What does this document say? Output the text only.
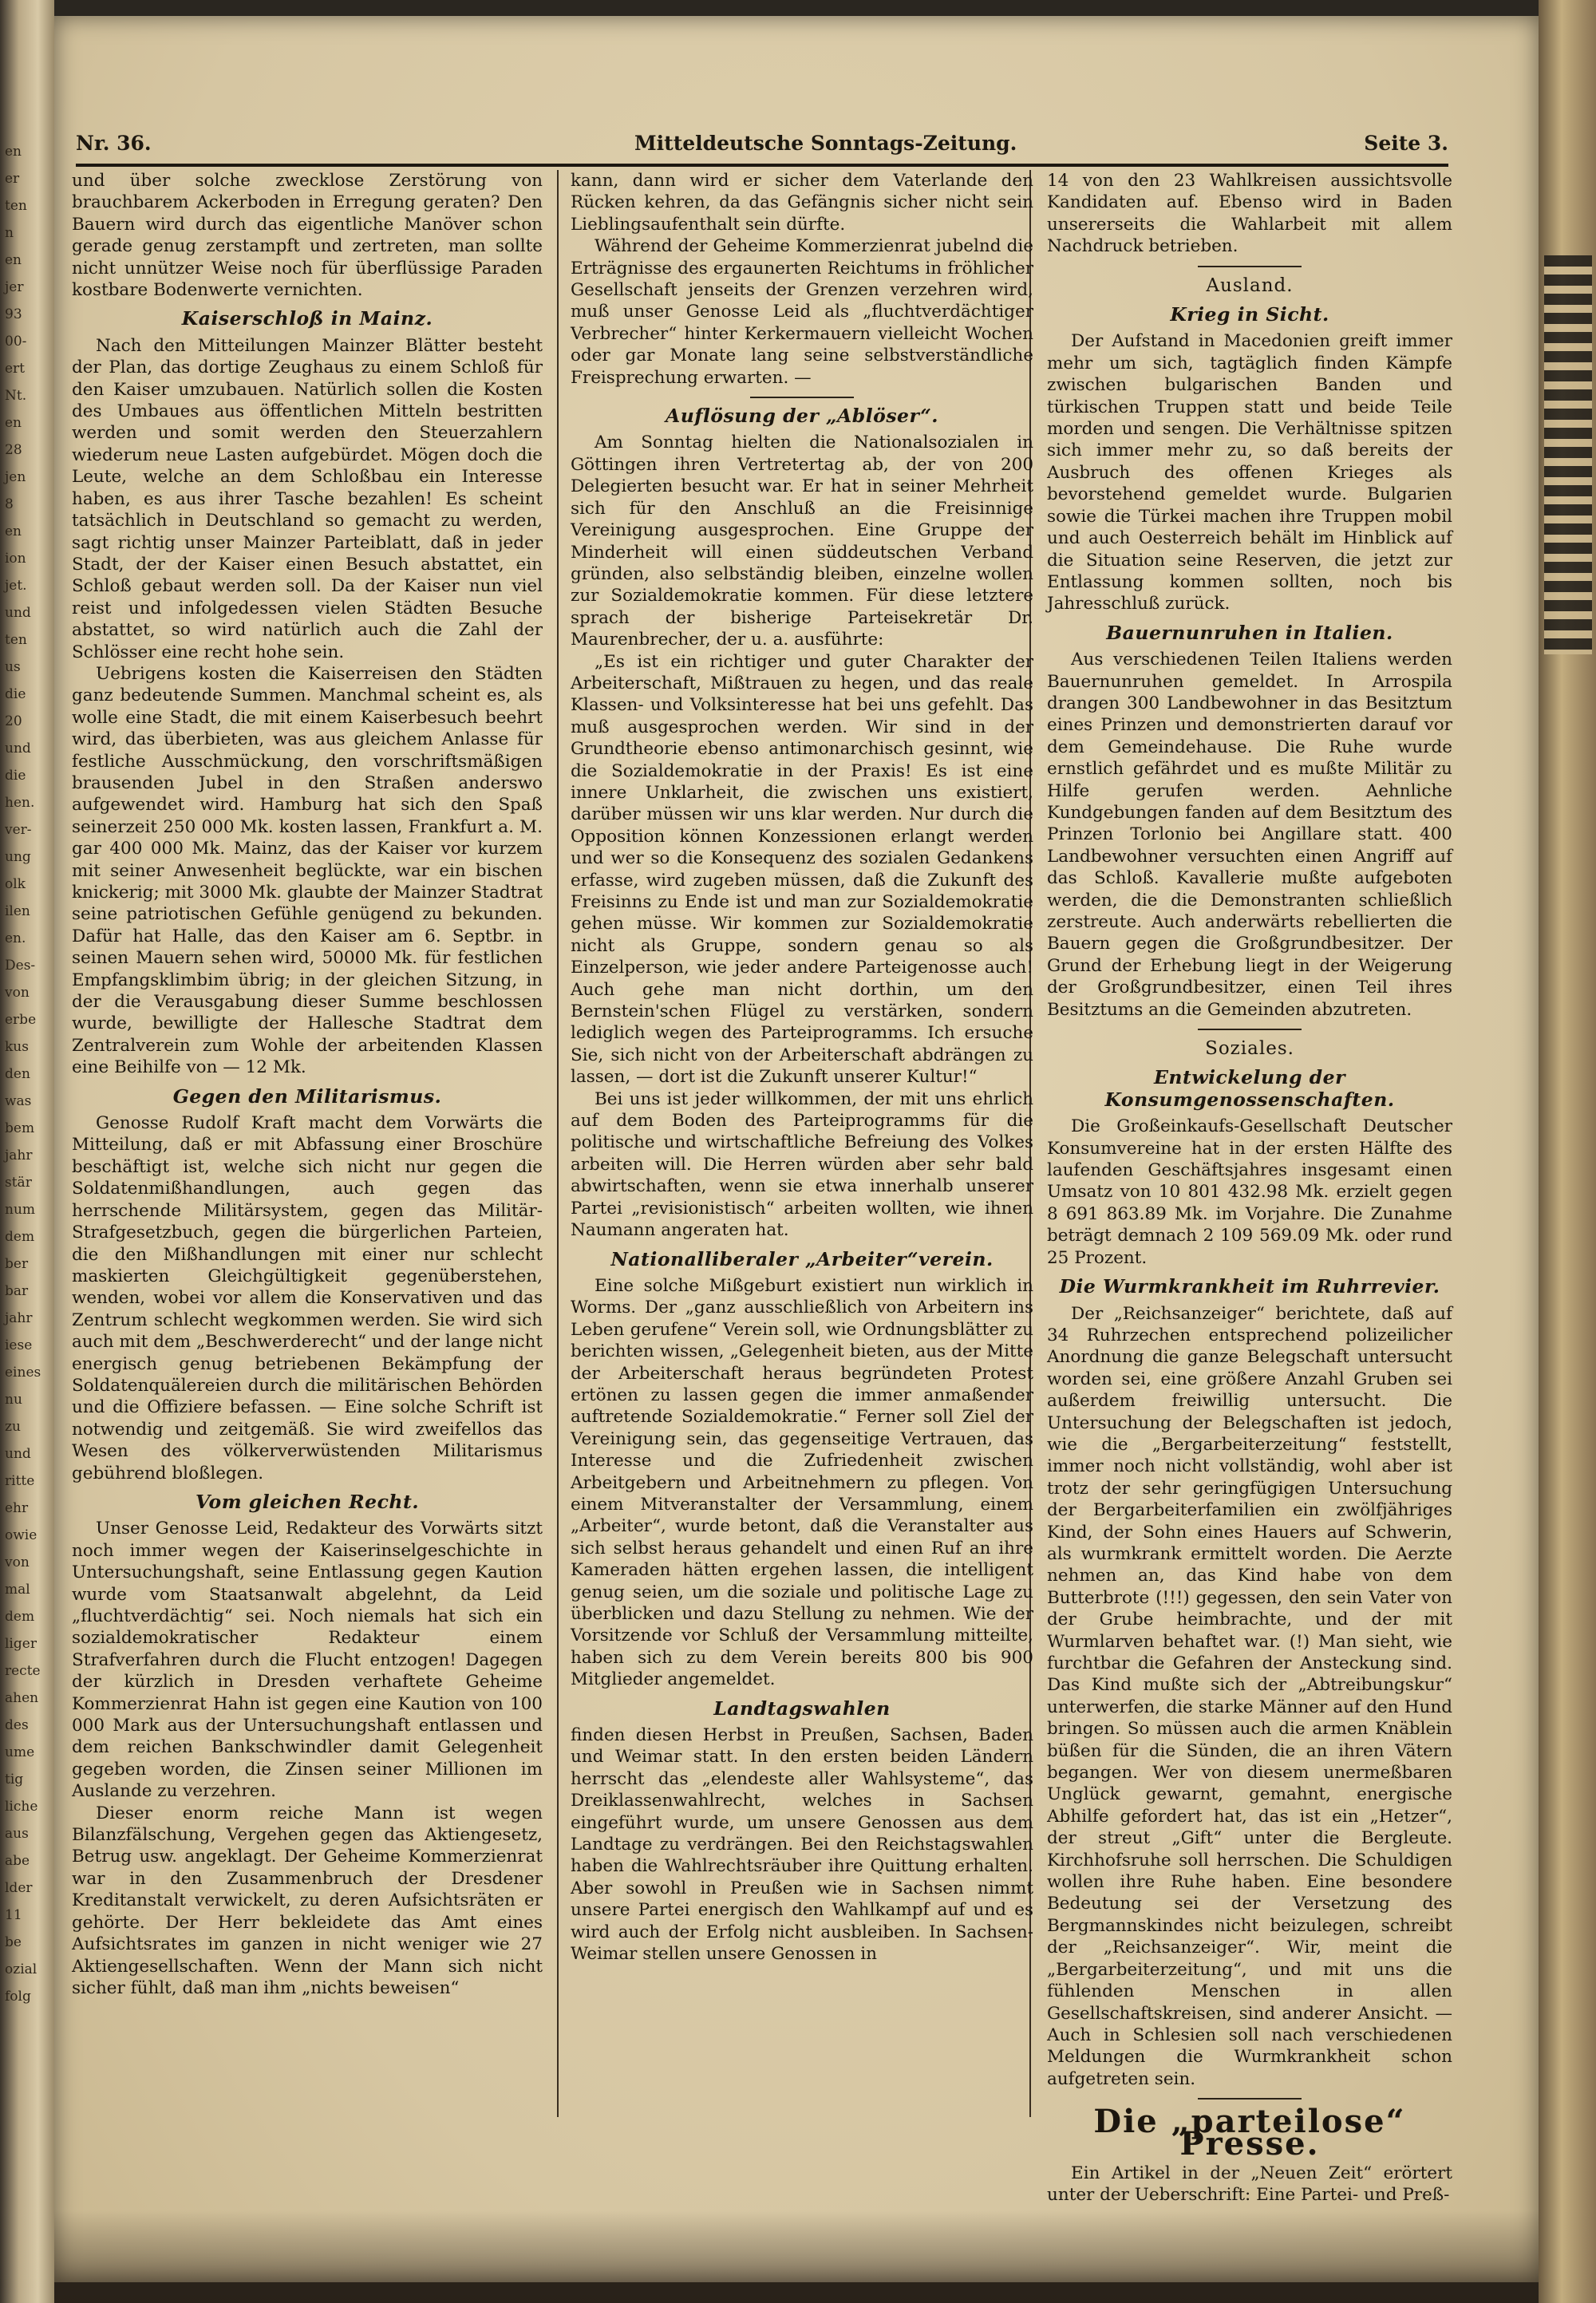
en
er
ten
n
en
jer
93
00-
ert
Nt.
en
28
jen
8
en
ion
jet.
und
ten
us
die
20
und
die
hen.
ver-
ung
olk
ilen
en.
Des-
von
erbe
kus
den
was
bem
jahr
stär
num
dem
ber
bar
jahr
iese
eines
nu
zu
und
ritte
ehr
owie
von
mal
dem
liger
recte
ahen
des
ume
tig
liche
aus
abe
lder
11
be
ozial
folg
Nr. 36.	Mitteldeutsche Sonntags-Zeitung.	Seite 3.

und über solche zwecklose Zerstörung von brauchbarem Ackerboden in Erregung geraten? Den Bauern wird durch das eigentliche Manöver schon gerade genug zerstampft und zertreten, man sollte nicht unnützer Weise noch für überflüssige Paraden kostbare Bodenwerte vernichten.

Kaiserschloß in Mainz.

Nach den Mitteilungen Mainzer Blätter besteht der Plan, das dortige Zeughaus zu einem Schloß für den Kaiser umzubauen. Natürlich sollen die Kosten des Umbaues aus öffentlichen Mitteln bestritten werden und somit werden den Steuerzahlern wiederum neue Lasten aufgebürdet. Mögen doch die Leute, welche an dem Schloßbau ein Interesse haben, es aus ihrer Tasche bezahlen! Es scheint tatsächlich in Deutschland so gemacht zu werden, sagt richtig unser Mainzer Parteiblatt, daß in jeder Stadt, der der Kaiser einen Besuch abstattet, ein Schloß gebaut werden soll. Da der Kaiser nun viel reist und infolgedessen vielen Städten Besuche abstattet, so wird natürlich auch die Zahl der Schlösser eine recht hohe sein.

Uebrigens kosten die Kaiserreisen den Städten ganz bedeutende Summen. Manchmal scheint es, als wolle eine Stadt, die mit einem Kaiserbesuch beehrt wird, das überbieten, was aus gleichem Anlasse für festliche Ausschmückung, den vorschriftsmäßigen brausenden Jubel in den Straßen anderswo aufgewendet wird. Hamburg hat sich den Spaß seinerzeit 250 000 Mk. kosten lassen, Frankfurt a. M. gar 400 000 Mk. Mainz, das der Kaiser vor kurzem mit seiner Anwesenheit beglückte, war ein bischen knickerig; mit 3000 Mk. glaubte der Mainzer Stadtrat seine patriotischen Gefühle genügend zu bekunden. Dafür hat Halle, das den Kaiser am 6. Septbr. in seinen Mauern sehen wird, 50000 Mk. für festlichen Empfangsklimbim übrig; in der gleichen Sitzung, in der die Verausgabung dieser Summe beschlossen wurde, bewilligte der Hallesche Stadtrat dem Zentralverein zum Wohle der arbeitenden Klassen eine Beihilfe von — 12 Mk.

Gegen den Militarismus.

Genosse Rudolf Kraft macht dem Vorwärts die Mitteilung, daß er mit Abfassung einer Broschüre beschäftigt ist, welche sich nicht nur gegen die Soldatenmißhandlungen, auch gegen das herrschende Militärsystem, gegen das Militär-Strafgesetzbuch, gegen die bürgerlichen Parteien, die den Mißhandlungen mit einer nur schlecht maskierten Gleichgültigkeit gegenüberstehen, wenden, wobei vor allem die Konservativen und das Zentrum schlecht wegkommen werden. Sie wird sich auch mit dem „Beschwerderecht“ und der lange nicht energisch genug betriebenen Bekämpfung der Soldatenquälereien durch die militärischen Behörden und die Offiziere befassen. — Eine solche Schrift ist notwendig und zeitgemäß. Sie wird zweifellos das Wesen des völkerverwüstenden Militarismus gebührend bloßlegen.

Vom gleichen Recht.

Unser Genosse Leid, Redakteur des Vorwärts sitzt noch immer wegen der Kaiserinselgeschichte in Untersuchungshaft, seine Entlassung gegen Kaution wurde vom Staatsanwalt abgelehnt, da Leid „fluchtverdächtig“ sei. Noch niemals hat sich ein sozialdemokratischer Redakteur einem Strafverfahren durch die Flucht entzogen! Dagegen der kürzlich in Dresden verhaftete Geheime Kommerzienrat Hahn ist gegen eine Kaution von 100 000 Mark aus der Untersuchungshaft entlassen und dem reichen Bankschwindler damit Gelegenheit gegeben worden, die Zinsen seiner Millionen im Auslande zu verzehren.

Dieser enorm reiche Mann ist wegen Bilanzfälschung, Vergehen gegen das Aktiengesetz, Betrug usw. angeklagt. Der Geheime Kommerzienrat war in den Zusammenbruch der Dresdener Kreditanstalt verwickelt, zu deren Aufsichtsräten er gehörte. Der Herr bekleidete das Amt eines Aufsichtsrates im ganzen in nicht weniger wie 27 Aktiengesellschaften. Wenn der Mann sich nicht sicher fühlt, daß man ihm „nichts beweisen“

kann, dann wird er sicher dem Vaterlande den Rücken kehren, da das Gefängnis sicher nicht sein Lieblingsaufenthalt sein dürfte.

Während der Geheime Kommerzienrat jubelnd die Erträgnisse des ergaunerten Reichtums in fröhlicher Gesellschaft jenseits der Grenzen verzehren wird, muß unser Genosse Leid als „fluchtverdächtiger Verbrecher“ hinter Kerkermauern vielleicht Wochen oder gar Monate lang seine selbstverständliche Freisprechung erwarten. —

Auflösung der „Ablöser“.

Am Sonntag hielten die Nationalsozialen in Göttingen ihren Vertretertag ab, der von 200 Delegierten besucht war. Er hat in seiner Mehrheit sich für den Anschluß an die Freisinnige Vereinigung ausgesprochen. Eine Gruppe der Minderheit will einen süddeutschen Verband gründen, also selbständig bleiben, einzelne wollen zur Sozialdemokratie kommen. Für diese letztere sprach der bisherige Parteisekretär Dr. Maurenbrecher, der u. a. ausführte:

„Es ist ein richtiger und guter Charakter der Arbeiterschaft, Mißtrauen zu hegen, und das reale Klassen- und Volksinteresse hat bei uns gefehlt. Das muß ausgesprochen werden. Wir sind in der Grundtheorie ebenso antimonarchisch gesinnt, wie die Sozialdemokratie in der Praxis! Es ist eine innere Unklarheit, die zwischen uns existiert, darüber müssen wir uns klar werden. Nur durch die Opposition können Konzessionen erlangt werden und wer so die Konsequenz des sozialen Gedankens erfasse, wird zugeben müssen, daß die Zukunft des Freisinns zu Ende ist und man zur Sozialdemokratie gehen müsse. Wir kommen zur Sozialdemokratie nicht als Gruppe, sondern genau so als Einzelperson, wie jeder andere Parteigenosse auch! Auch gehe man nicht dorthin, um den Bernstein'schen Flügel zu verstärken, sondern lediglich wegen des Parteiprogramms. Ich ersuche Sie, sich nicht von der Arbeiterschaft abdrängen zu lassen, — dort ist die Zukunft unserer Kultur!“

Bei uns ist jeder willkommen, der mit uns ehrlich auf dem Boden des Parteiprogramms für die politische und wirtschaftliche Befreiung des Volkes arbeiten will. Die Herren würden aber sehr bald abwirtschaften, wenn sie etwa innerhalb unserer Partei „revisionistisch“ arbeiten wollten, wie ihnen Naumann angeraten hat.

Nationalliberaler „Arbeiter“verein.

Eine solche Mißgeburt existiert nun wirklich in Worms. Der „ganz ausschließlich von Arbeitern ins Leben gerufene“ Verein soll, wie Ordnungsblätter zu berichten wissen, „Gelegenheit bieten, aus der Mitte der Arbeiterschaft heraus begründeten Protest ertönen zu lassen gegen die immer anmaßender auftretende Sozialdemokratie.“ Ferner soll Ziel der Vereinigung sein, das gegenseitige Vertrauen, das Interesse und die Zufriedenheit zwischen Arbeitgebern und Arbeitnehmern zu pflegen. Von einem Mitveranstalter der Versammlung, einem „Arbeiter“, wurde betont, daß die Veranstalter aus sich selbst heraus gehandelt und einen Ruf an ihre Kameraden hätten ergehen lassen, die intelligent genug seien, um die soziale und politische Lage zu überblicken und dazu Stellung zu nehmen. Wie der Vorsitzende vor Schluß der Versammlung mitteilte, haben sich zu dem Verein bereits 800 bis 900 Mitglieder angemeldet.

Landtagswahlen

finden diesen Herbst in Preußen, Sachsen, Baden und Weimar statt. In den ersten beiden Ländern herrscht das „elendeste aller Wahlsysteme“, das Dreiklassenwahlrecht, welches in Sachsen eingeführt wurde, um unsere Genossen aus dem Landtage zu verdrängen. Bei den Reichstagswahlen haben die Wahlrechtsräuber ihre Quittung erhalten. Aber sowohl in Preußen wie in Sachsen nimmt unsere Partei energisch den Wahlkampf auf und es wird auch der Erfolg nicht ausbleiben. In Sachsen-Weimar stellen unsere Genossen in

14 von den 23 Wahlkreisen aussichtsvolle Kandidaten auf. Ebenso wird in Baden unsererseits die Wahlarbeit mit allem Nachdruck betrieben.

Ausland.
Krieg in Sicht.

Der Aufstand in Macedonien greift immer mehr um sich, tagtäglich finden Kämpfe zwischen bulgarischen Banden und türkischen Truppen statt und beide Teile morden und sengen. Die Verhältnisse spitzen sich immer mehr zu, so daß bereits der Ausbruch des offenen Krieges als bevorstehend gemeldet wurde. Bulgarien sowie die Türkei machen ihre Truppen mobil und auch Oesterreich behält im Hinblick auf die Situation seine Reserven, die jetzt zur Entlassung kommen sollten, noch bis Jahresschluß zurück.

Bauernunruhen in Italien.

Aus verschiedenen Teilen Italiens werden Bauernunruhen gemeldet. In Arrospila drangen 300 Landbewohner in das Besitztum eines Prinzen und demonstrierten darauf vor dem Gemeindehause. Die Ruhe wurde ernstlich gefährdet und es mußte Militär zu Hilfe gerufen werden. Aehnliche Kundgebungen fanden auf dem Besitztum des Prinzen Torlonio bei Angillare statt. 400 Landbewohner versuchten einen Angriff auf das Schloß. Kavallerie mußte aufgeboten werden, die die Demonstranten schließlich zerstreute. Auch anderwärts rebellierten die Bauern gegen die Großgrundbesitzer. Der Grund der Erhebung liegt in der Weigerung der Großgrundbesitzer, einen Teil ihres Besitztums an die Gemeinden abzutreten.

Soziales.
Entwickelung der Konsumgenossenschaften.

Die Großeinkaufs-Gesellschaft Deutscher Konsumvereine hat in der ersten Hälfte des laufenden Geschäftsjahres insgesamt einen Umsatz von 10 801 432.98 Mk. erzielt gegen 8 691 863.89 Mk. im Vorjahre. Die Zunahme beträgt demnach 2 109 569.09 Mk. oder rund 25 Prozent.

Die Wurmkrankheit im Ruhrrevier.

Der „Reichsanzeiger“ berichtete, daß auf 34 Ruhrzechen entsprechend polizeilicher Anordnung die ganze Belegschaft untersucht worden sei, eine größere Anzahl Gruben sei außerdem freiwillig untersucht. Die Untersuchung der Belegschaften ist jedoch, wie die „Bergarbeiterzeitung“ feststellt, immer noch nicht vollständig, wohl aber ist trotz der sehr geringfügigen Untersuchung der Bergarbeiterfamilien ein zwölfjähriges Kind, der Sohn eines Hauers auf Schwerin, als wurmkrank ermittelt worden. Die Aerzte nehmen an, das Kind habe von dem Butterbrote (!!!) gegessen, den sein Vater von der Grube heimbrachte, und der mit Wurmlarven behaftet war. (!) Man sieht, wie furchtbar die Gefahren der Ansteckung sind. Das Kind mußte sich der „Abtreibungskur“ unterwerfen, die starke Männer auf den Hund bringen. So müssen auch die armen Knäblein büßen für die Sünden, die an ihren Vätern begangen. Wer von diesem unermeßbaren Unglück gewarnt, gemahnt, energische Abhilfe gefordert hat, das ist ein „Hetzer“, der streut „Gift“ unter die Bergleute. Kirchhofsruhe soll herrschen. Die Schuldigen wollen ihre Ruhe haben. Eine besondere Bedeutung sei der Versetzung des Bergmannskindes nicht beizulegen, schreibt der „Reichsanzeiger“. Wir, meint die „Bergarbeiterzeitung“, und mit uns die fühlenden Menschen in allen Gesellschaftskreisen, sind anderer Ansicht. — Auch in Schlesien soll nach verschiedenen Meldungen die Wurmkrankheit schon aufgetreten sein.

Die „parteilose“ Presse.

Ein Artikel in der „Neuen Zeit“ erörtert unter der Ueberschrift: Eine Partei- und Preß-
